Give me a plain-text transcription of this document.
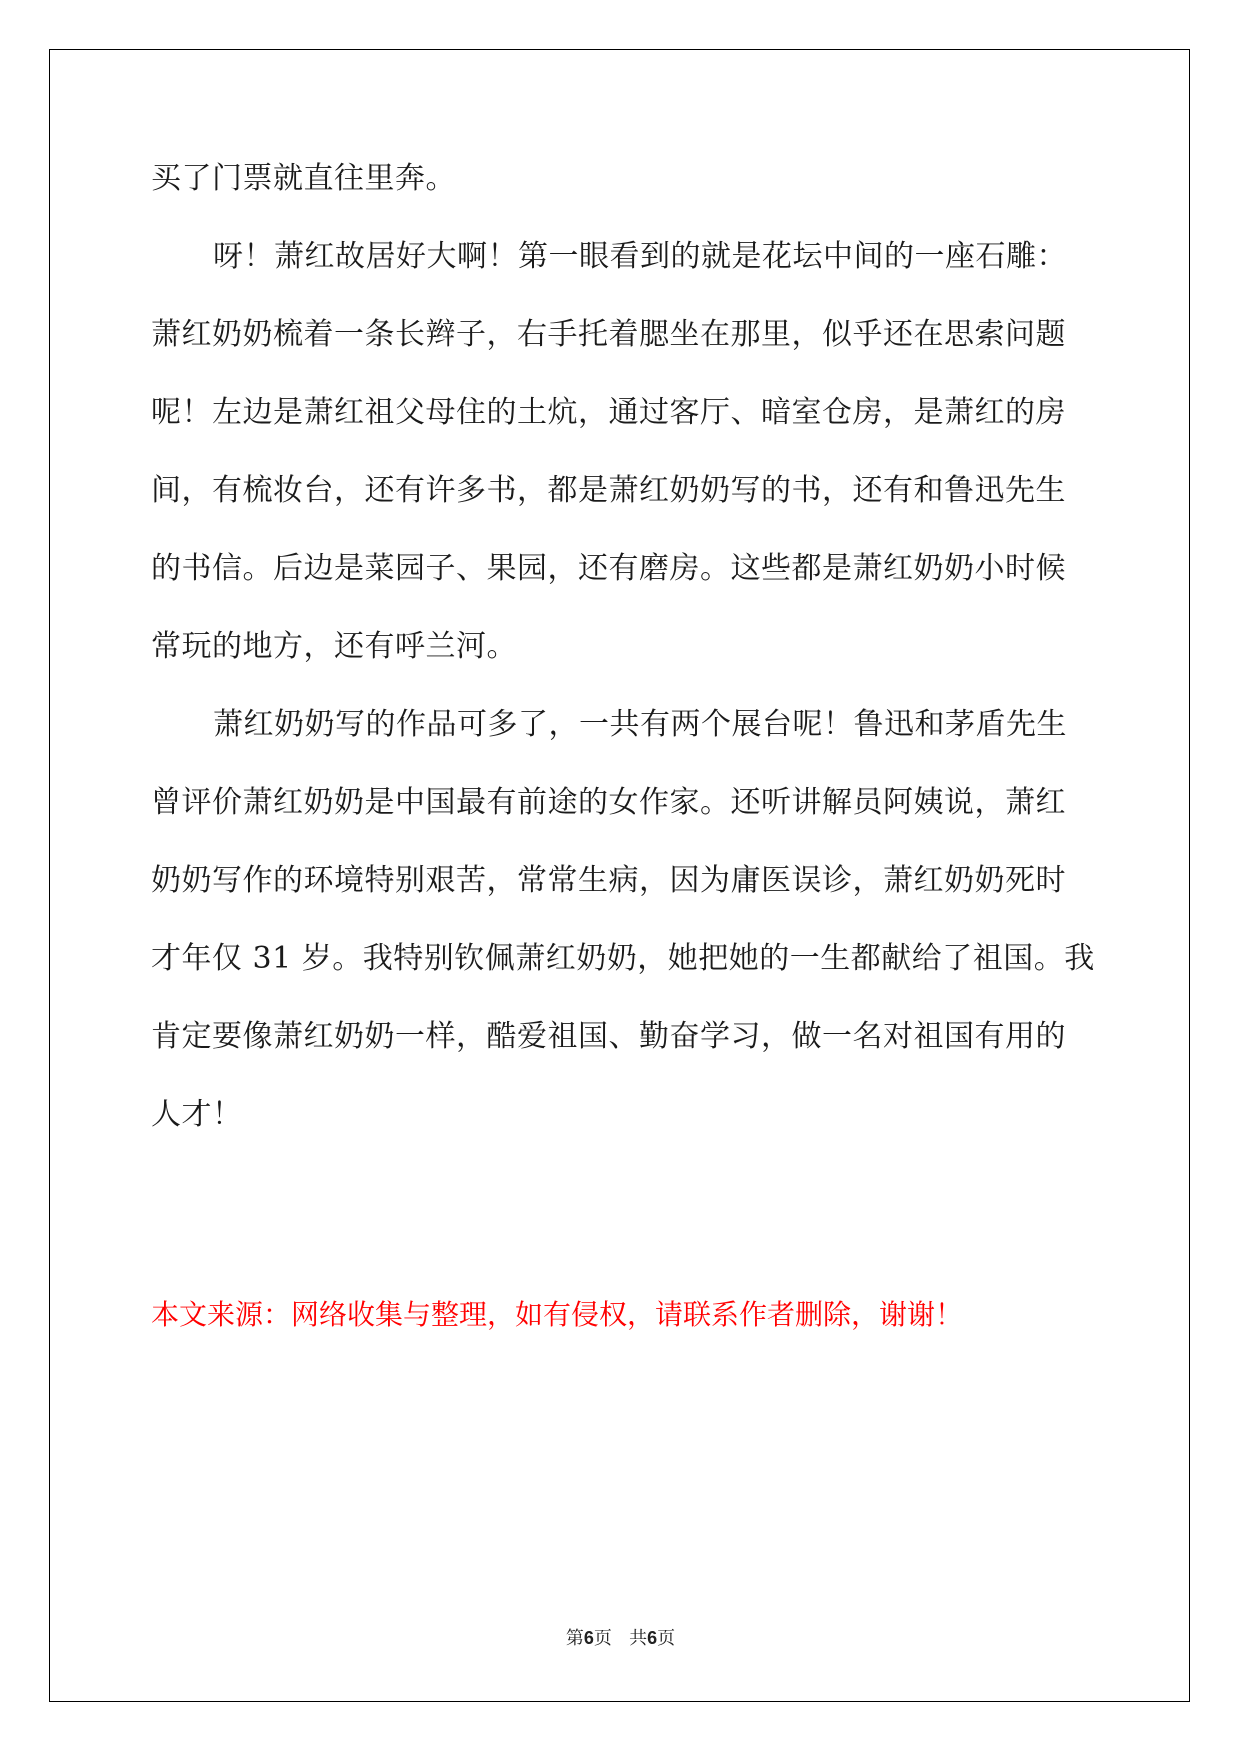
买了门票就直往里奔。
呀！萧红故居好大啊！第一眼看到的就是花坛中间的一座石雕：
萧红奶奶梳着一条长辫子，右手托着腮坐在那里，似乎还在思索问题
呢！左边是萧红祖父母住的土炕，通过客厅、暗室仓房，是萧红的房
间，有梳妆台，还有许多书，都是萧红奶奶写的书，还有和鲁迅先生
的书信。后边是菜园子、果园，还有磨房。这些都是萧红奶奶小时候
常玩的地方，还有呼兰河。
萧红奶奶写的作品可多了，一共有两个展台呢！鲁迅和茅盾先生
曾评价萧红奶奶是中国最有前途的女作家。还听讲解员阿姨说，萧红
奶奶写作的环境特别艰苦，常常生病，因为庸医误诊，萧红奶奶死时
才年仅 31 岁。我特别钦佩萧红奶奶，她把她的一生都献给了祖国。我
肯定要像萧红奶奶一样，酷爱祖国、勤奋学习，做一名对祖国有用的
人才！
本文来源：网络收集与整理，如有侵权，请联系作者删除，谢谢！
第6页 共6页
